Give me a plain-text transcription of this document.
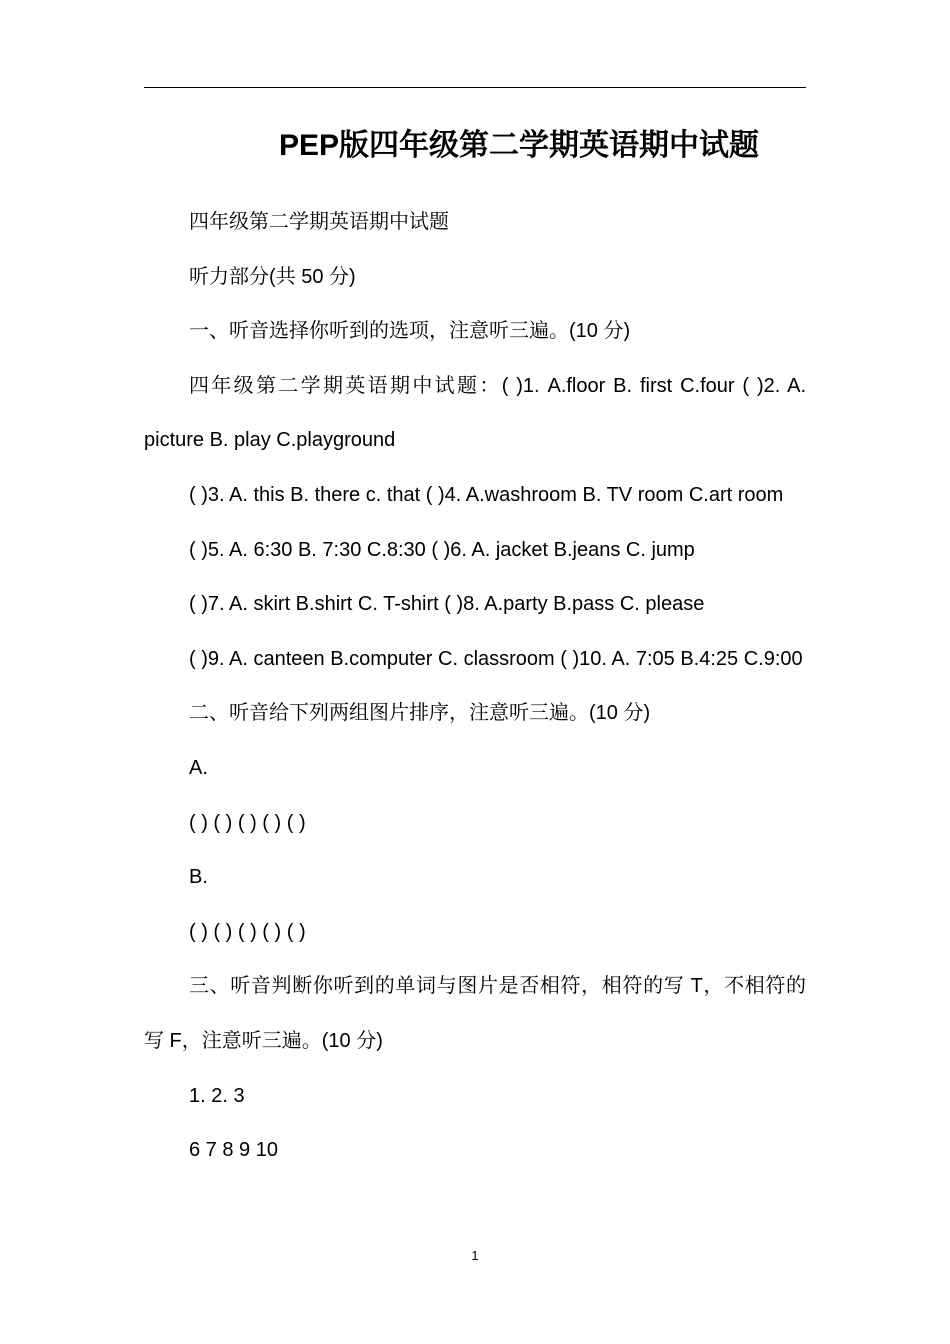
PEP版四年级第二学期英语期中试题

四年级第二学期英语期中试题

听力部分(共 50 分)

一、听音选择你听到的选项，注意听三遍。(10 分)

四年级第二学期英语期中试题：( )1. A.floor B. first C.four ( )2. A. picture B. play C.playground

( )3. A. this B. there c. that ( )4. A.washroom B. TV room C.art room

( )5. A. 6:30 B. 7:30 C.8:30 ( )6. A. jacket B.jeans C. jump

( )7. A. skirt B.shirt C. T-shirt ( )8. A.party B.pass C. please

( )9. A. canteen B.computer C. classroom ( )10. A. 7:05 B.4:25 C.9:00

二、听音给下列两组图片排序，注意听三遍。(10 分)

A.

( ) ( ) ( ) ( ) ( )

B.

( ) ( ) ( ) ( ) ( )

三、听音判断你听到的单词与图片是否相符，相符的写 T，不相符的写 F，注意听三遍。(10 分)

1. 2. 3

6 7 8 9 10

1
